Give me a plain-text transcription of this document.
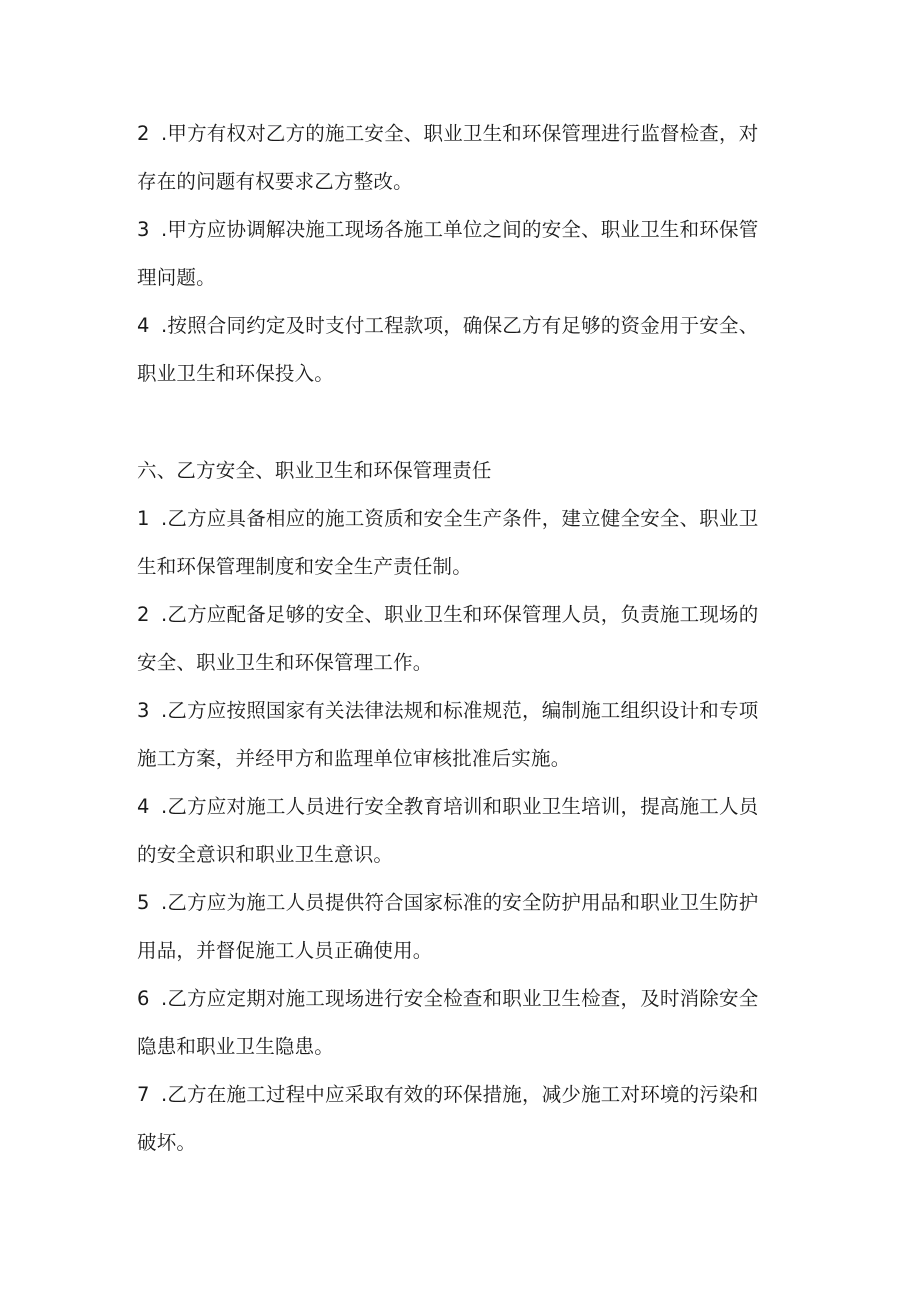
2 .甲方有权对乙方的施工安全、职业卫生和环保管理进行监督检查，对存在的问题有权要求乙方整改。

3 .甲方应协调解决施工现场各施工单位之间的安全、职业卫生和环保管理问题。

4 .按照合同约定及时支付工程款项，确保乙方有足够的资金用于安全、职业卫生和环保投入。

六、乙方安全、职业卫生和环保管理责任

1 .乙方应具备相应的施工资质和安全生产条件，建立健全安全、职业卫生和环保管理制度和安全生产责任制。

2 .乙方应配备足够的安全、职业卫生和环保管理人员，负责施工现场的安全、职业卫生和环保管理工作。

3 .乙方应按照国家有关法律法规和标准规范，编制施工组织设计和专项施工方案，并经甲方和监理单位审核批准后实施。

4 .乙方应对施工人员进行安全教育培训和职业卫生培训，提高施工人员的安全意识和职业卫生意识。

5 .乙方应为施工人员提供符合国家标准的安全防护用品和职业卫生防护用品，并督促施工人员正确使用。

6 .乙方应定期对施工现场进行安全检查和职业卫生检查，及时消除安全隐患和职业卫生隐患。

7 .乙方在施工过程中应采取有效的环保措施，减少施工对环境的污染和破坏。
